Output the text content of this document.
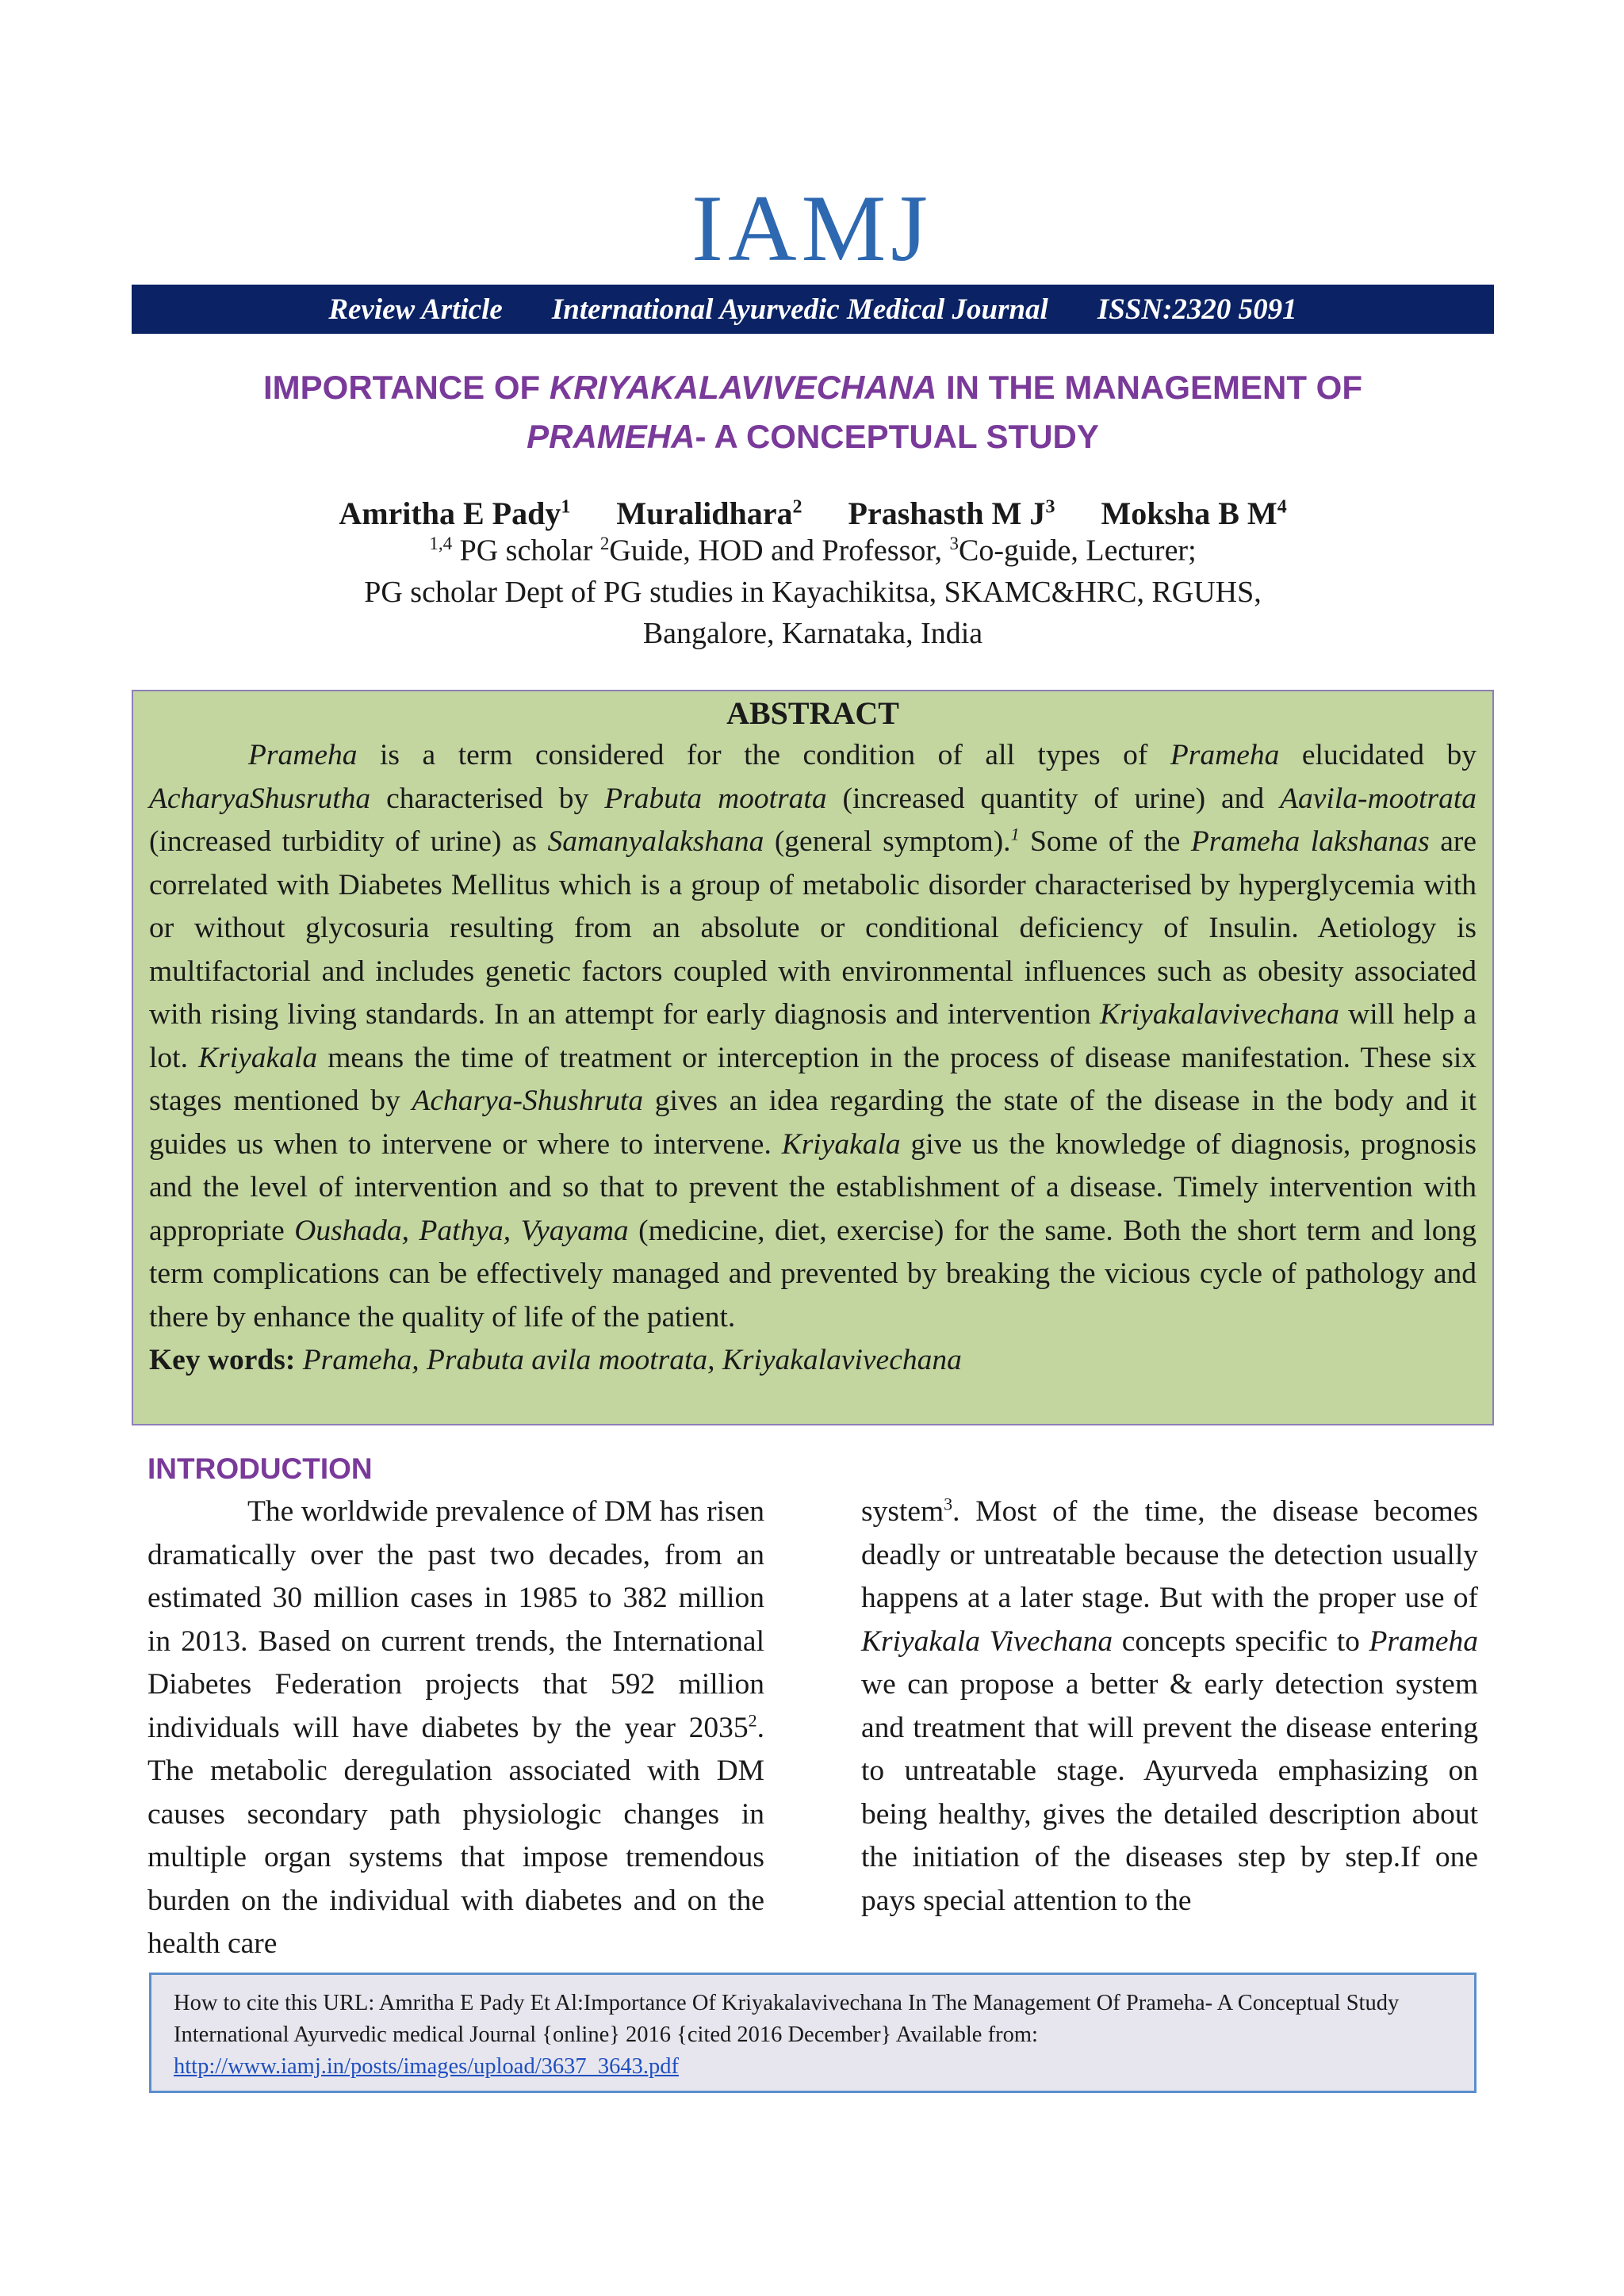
IAMJ
Review Article International Ayurvedic Medical Journal ISSN:2320 5091
IMPORTANCE OF KRIYAKALAVIVECHANA IN THE MANAGEMENT OF
PRAMEHA- A CONCEPTUAL STUDY
Amritha E Pady$^1$ Muralidhara$^2$ Prashasth M $J^3$ Moksha B $M^4$
$^{1,4}$ PG scholar $^2$Guide, HOD and Professor, $^3$Co-guide, Lecturer;
PG scholar Dept of PG studies in Kayachikitsa, SKAMC&HRC, RGUHS,
Bangalore, Karnataka, India
ABSTRACT

Prameha is a term considered for the condition of all types of Prameha elucidated by AcharyaShusrutha characterised by Prabuta mootrata (increased quantity of urine) and Aavila-mootrata (increased turbidity of urine) as Samanyalakshana (general symptom).$^1$ Some of the Prameha lakshanas are correlated with Diabetes Mellitus which is a group of metabolic disorder characterised by hyperglycemia with or without glycosuria resulting from an absolute or conditional deficiency of Insulin. Aetiology is multifactorial and includes genetic factors coupled with environmental influences such as obesity associated with rising living standards. In an attempt for early diagnosis and intervention Kriyakalavivechana will help a lot. Kriyakala means the time of treatment or interception in the process of disease manifestation. These six stages mentioned by Acharya-Shushruta gives an idea regarding the state of the disease in the body and it guides us when to intervene or where to intervene. Kriyakala give us the knowledge of diagnosis, prognosis and the level of intervention and so that to prevent the establishment of a disease. Timely intervention with appropriate Oushada, Pathya, Vyayama (medicine, diet, exercise) for the same. Both the short term and long term complications can be effectively managed and prevented by breaking the vicious cycle of pathology and there by enhance the quality of life of the patient.

Key words: Prameha, Prabuta avila mootrata, Kriyakalavivechana
INTRODUCTION

The worldwide prevalence of DM has risen dramatically over the past two decades, from an estimated 30 million cases in 1985 to 382 million in 2013. Based on current trends, the International Diabetes Federation projects that 592 million individuals will have diabetes by the year 2035$^2$. The metabolic deregulation associated with DM causes secondary path physiologic changes in multiple organ systems that impose tremendous burden on the individual with diabetes and on the health care

system$^3$. Most of the time, the disease becomes deadly or untreatable because the detection usually happens at a later stage. But with the proper use of Kriyakala Vivechana concepts specific to Prameha we can propose a better & early detection system and treatment that will prevent the disease entering to untreatable stage. Ayurveda emphasizing on being healthy, gives the detailed description about the initiation of the diseases step by step.If one pays special attention to the

How to cite this URL: Amritha E Pady Et Al:Importance Of Kriyakalavivechana In The Management Of Prameha- A Conceptual Study International Ayurvedic medical Journal {online} 2016 {cited 2016 December} Available from:
http://www.iamj.in/posts/images/upload/3637_3643.pdf
